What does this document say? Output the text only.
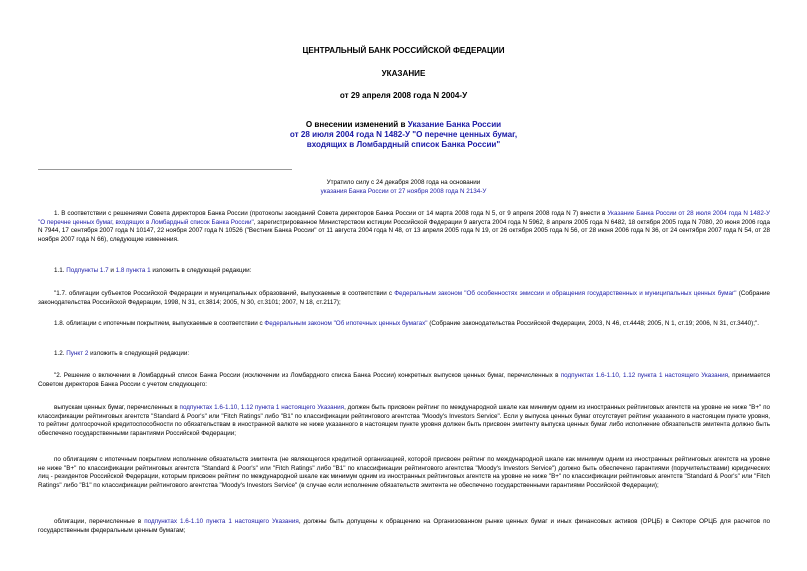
ЦЕНТРАЛЬНЫЙ БАНК РОССИЙСКОЙ ФЕДЕРАЦИИ
УКАЗАНИЕ
от 29 апреля 2008 года N 2004-У
О внесении изменений в Указание Банка России
от 28 июля 2004 года N 1482-У "О перечне ценных бумаг,
входящих в Ломбардный список Банка России"
Утратило силу с 24 декабря 2008 года на основании
указания Банка России от 27 ноября 2008 года N 2134-У
1. В соответствии с решениями Совета директоров Банка России (протоколы заседаний Совета директоров Банка России от 14 марта 2008 года N 5, от 9 апреля 2008 года N 7) внести в Указание Банка России от 28 июля 2004 года N 1482-У "О перечне ценных бумаг, входящих в Ломбардный список Банка России", зарегистрированное Министерством юстиции Российской Федерации 9 августа 2004 года N 5962, 8 апреля 2005 года N 6482, 18 октября 2005 года N 7080, 20 июня 2006 года N 7944, 17 сентября 2007 года N 10147, 22 ноября 2007 года N 10526 ("Вестник Банка России" от 11 августа 2004 года N 48, от 13 апреля 2005 года N 19, от 26 октября 2005 года N 56, от 28 июня 2006 года N 36, от 24 сентября 2007 года N 54, от 28 ноября 2007 года N 66), следующие изменения.
1.1. Подпункты 1.7 и 1.8 пункта 1 изложить в следующей редакции:
"1.7. облигации субъектов Российской Федерации и муниципальных образований, выпускаемые в соответствии с Федеральным законом "Об особенностях эмиссии и обращения государственных и муниципальных ценных бумаг" (Собрание законодательства Российской Федерации, 1998, N 31, ст.3814; 2005, N 30, ст.3101; 2007, N 18, ст.2117);
1.8. облигации с ипотечным покрытием, выпускаемые в соответствии с Федеральным законом "Об ипотечных ценных бумагах" (Собрание законодательства Российской Федерации, 2003, N 46, ст.4448; 2005, N 1, ст.19; 2006, N 31, ст.3440);".
1.2. Пункт 2 изложить в следующей редакции:
"2. Решение о включении в Ломбардный список Банка России (исключении из Ломбардного списка Банка России) конкретных выпусков ценных бумаг, перечисленных в подпунктах 1.6-1.10, 1.12 пункта 1 настоящего Указания, принимается Советом директоров Банка России с учетом следующего:
выпускам ценных бумаг, перечисленных в подпунктах 1.6-1.10, 1.12 пункта 1 настоящего Указания, должен быть присвоен рейтинг по международной шкале как минимум одним из иностранных рейтинговых агентств на уровне не ниже "B+" по классификации рейтинговых агентств "Standard & Poor's" или "Fitch Ratings" либо "B1" по классификации рейтингового агентства "Moody's Investors Service". Если у выпуска ценных бумаг отсутствует рейтинг указанного в настоящем пункте уровня, то рейтинг долгосрочной кредитоспособности по обязательствам в иностранной валюте не ниже указанного в настоящем пункте уровня должен быть присвоен эмитенту выпуска ценных бумаг либо исполнение обязательств эмитента должно быть обеспечено государственными гарантиями Российской Федерации;
по облигациям с ипотечным покрытием исполнение обязательств эмитента (не являющегося кредитной организацией, которой присвоен рейтинг по международной шкале как минимум одним из иностранных рейтинговых агентств на уровне не ниже "B+" по классификации рейтинговых агентств "Standard & Poor's" или "Fitch Ratings" либо "B1" по классификации рейтингового агентства "Moody's Investors Service") должно быть обеспечено гарантиями (поручительствами) юридических лиц - резидентов Российской Федерации, которым присвоен рейтинг по международной шкале как минимум одним из иностранных рейтинговых агентств на уровне не ниже "B+" по классификации рейтинговых агентств "Standard & Poor's" или "Fitch Ratings" либо "B1" по классификации рейтингового агентства "Moody's Investors Service" (в случае если исполнение обязательств эмитента не обеспечено государственными гарантиями Российской Федерации);
облигации, перечисленные в подпунктах 1.6-1.10 пункта 1 настоящего Указания, должны быть допущены к обращению на Организованном рынке ценных бумаг и иных финансовых активов (ОРЦБ) в Секторе ОРЦБ для расчетов по государственным федеральным ценным бумагам;
